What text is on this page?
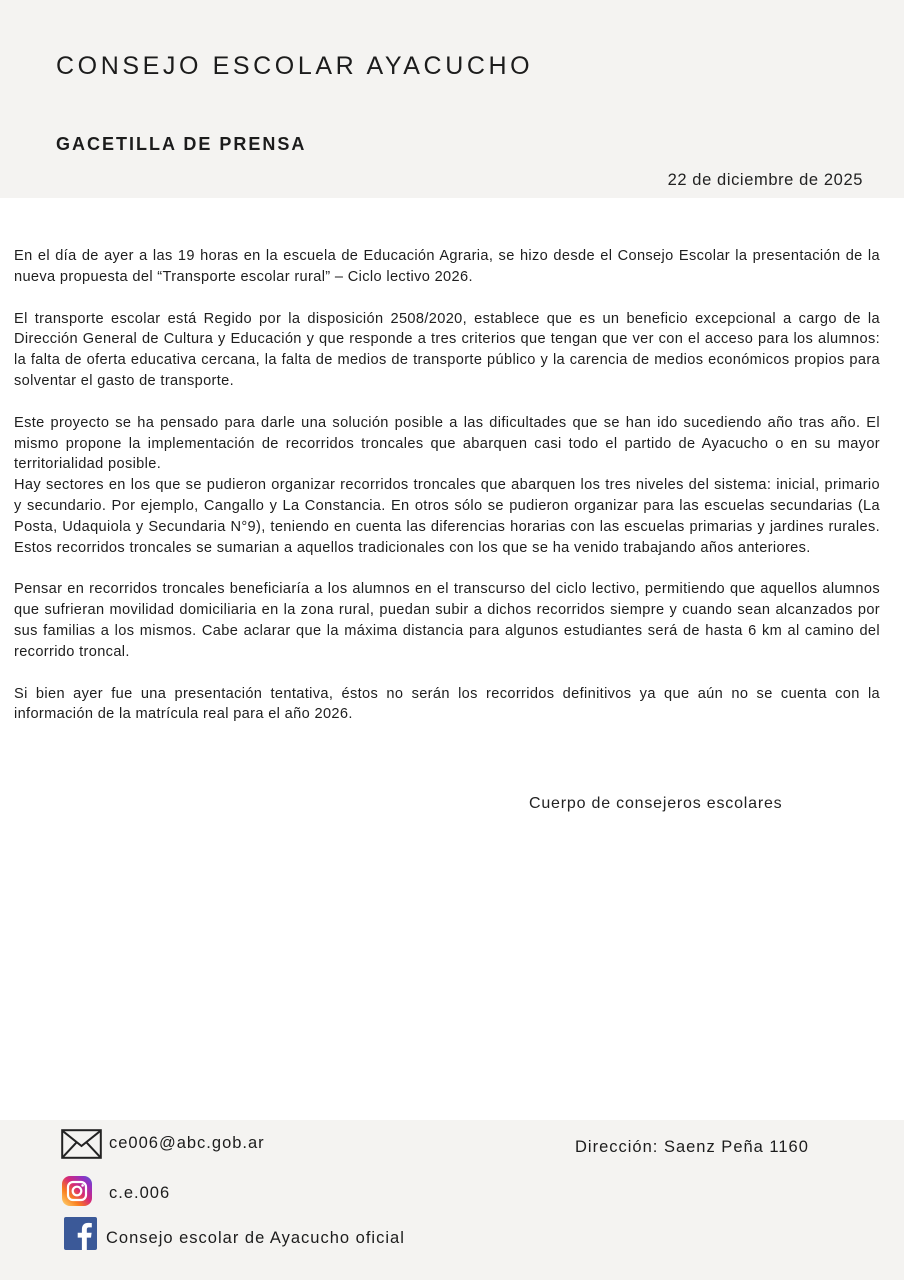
CONSEJO ESCOLAR AYACUCHO
GACETILLA DE PRENSA
22 de diciembre de 2025

En el día de ayer a las 19 horas en la escuela de Educación Agraria, se hizo desde el Consejo Escolar la presentación de la nueva propuesta del “Transporte escolar rural” – Ciclo lectivo 2026.

El transporte escolar está Regido por la disposición 2508/2020, establece que es un beneficio excepcional a cargo de la Dirección General de Cultura y Educación y que responde a tres criterios que tengan que ver con el acceso para los alumnos: la falta de oferta educativa cercana, la falta de medios de transporte público y la carencia de medios económicos propios para solventar el gasto de transporte.

Este proyecto se ha pensado para darle una solución posible a las dificultades que se han ido sucediendo año tras año. El mismo propone la implementación de recorridos troncales que abarquen casi todo el partido de Ayacucho o en su mayor territorialidad posible.

Hay sectores en los que se pudieron organizar recorridos troncales que abarquen los tres niveles del sistema: inicial, primario y secundario. Por ejemplo, Cangallo y La Constancia. En otros sólo se pudieron organizar para las escuelas secundarias (La Posta, Udaquiola y Secundaria N°9), teniendo en cuenta las diferencias horarias con las escuelas primarias y jardines rurales. Estos recorridos troncales se sumarian a aquellos tradicionales con los que se ha venido trabajando años anteriores.

Pensar en recorridos troncales beneficiaría a los alumnos en el transcurso del ciclo lectivo, permitiendo que aquellos alumnos que sufrieran movilidad domiciliaria en la zona rural, puedan subir a dichos recorridos siempre y cuando sean alcanzados por sus familias a los mismos. Cabe aclarar que la máxima distancia para algunos estudiantes será de hasta 6 km al camino del recorrido troncal.

Si bien ayer fue una presentación tentativa, éstos no serán los recorridos definitivos ya que aún no se cuenta con la información de la matrícula real para el año 2026.

Cuerpo de consejeros escolares
ce006@abc.gob.ar
c.e.006
Consejo escolar de Ayacucho oficial
Dirección: Saenz Peña 1160
